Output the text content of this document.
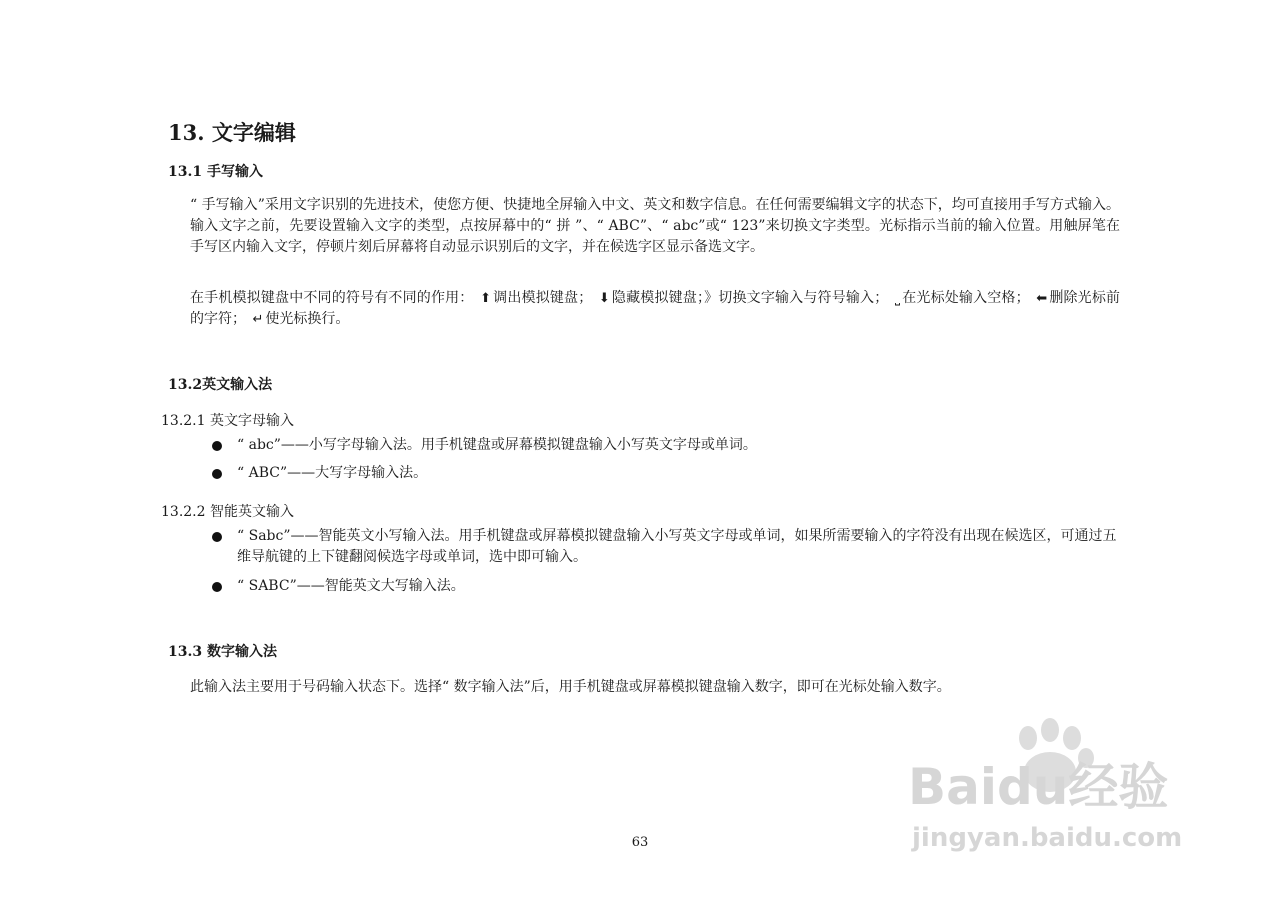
13. 文字编辑
13.1 手写输入
“ 手写输入”采用文字识别的先进技术，使您方便、快捷地全屏输入中文、英文和数字信息。在任何需要编辑文字的状态下，均可直接用手写方式输入。输入文字之前，先要设置输入文字的类型，点按屏幕中的“ 拼 ”、“ ABC”、“ abc”或“ 123”来切换文字类型。光标指示当前的输入位置。用触屏笔在手写区内输入文字，停顿片刻后屏幕将自动显示识别后的文字，并在候选字区显示备选文字。
在手机模拟键盘中不同的符号有不同的作用： ⬆ 调出模拟键盘； ⬇ 隐藏模拟键盘；》切换文字输入与符号输入； ⎵ 在光标处输入空格； ⬅ 删除光标前的字符； ↵ 使光标换行。
13.2英文输入法
13.2.1 英文字母输入
“ abc”——小写字母输入法。用手机键盘或屏幕模拟键盘输入小写英文字母或单词。
“ ABC”——大写字母输入法。
13.2.2 智能英文输入
“ Sabc”——智能英文小写输入法。用手机键盘或屏幕模拟键盘输入小写英文字母或单词，如果所需要输入的字符没有出现在候选区，可通过五维导航键的上下键翻阅候选字母或单词，选中即可输入。
“ SABC”——智能英文大写输入法。
13.3 数字输入法
此输入法主要用于号码输入状态下。选择“ 数字输入法”后，用手机键盘或屏幕模拟键盘输入数字，即可在光标处输入数字。
63
Baidu经验
jingyan.baidu.com
